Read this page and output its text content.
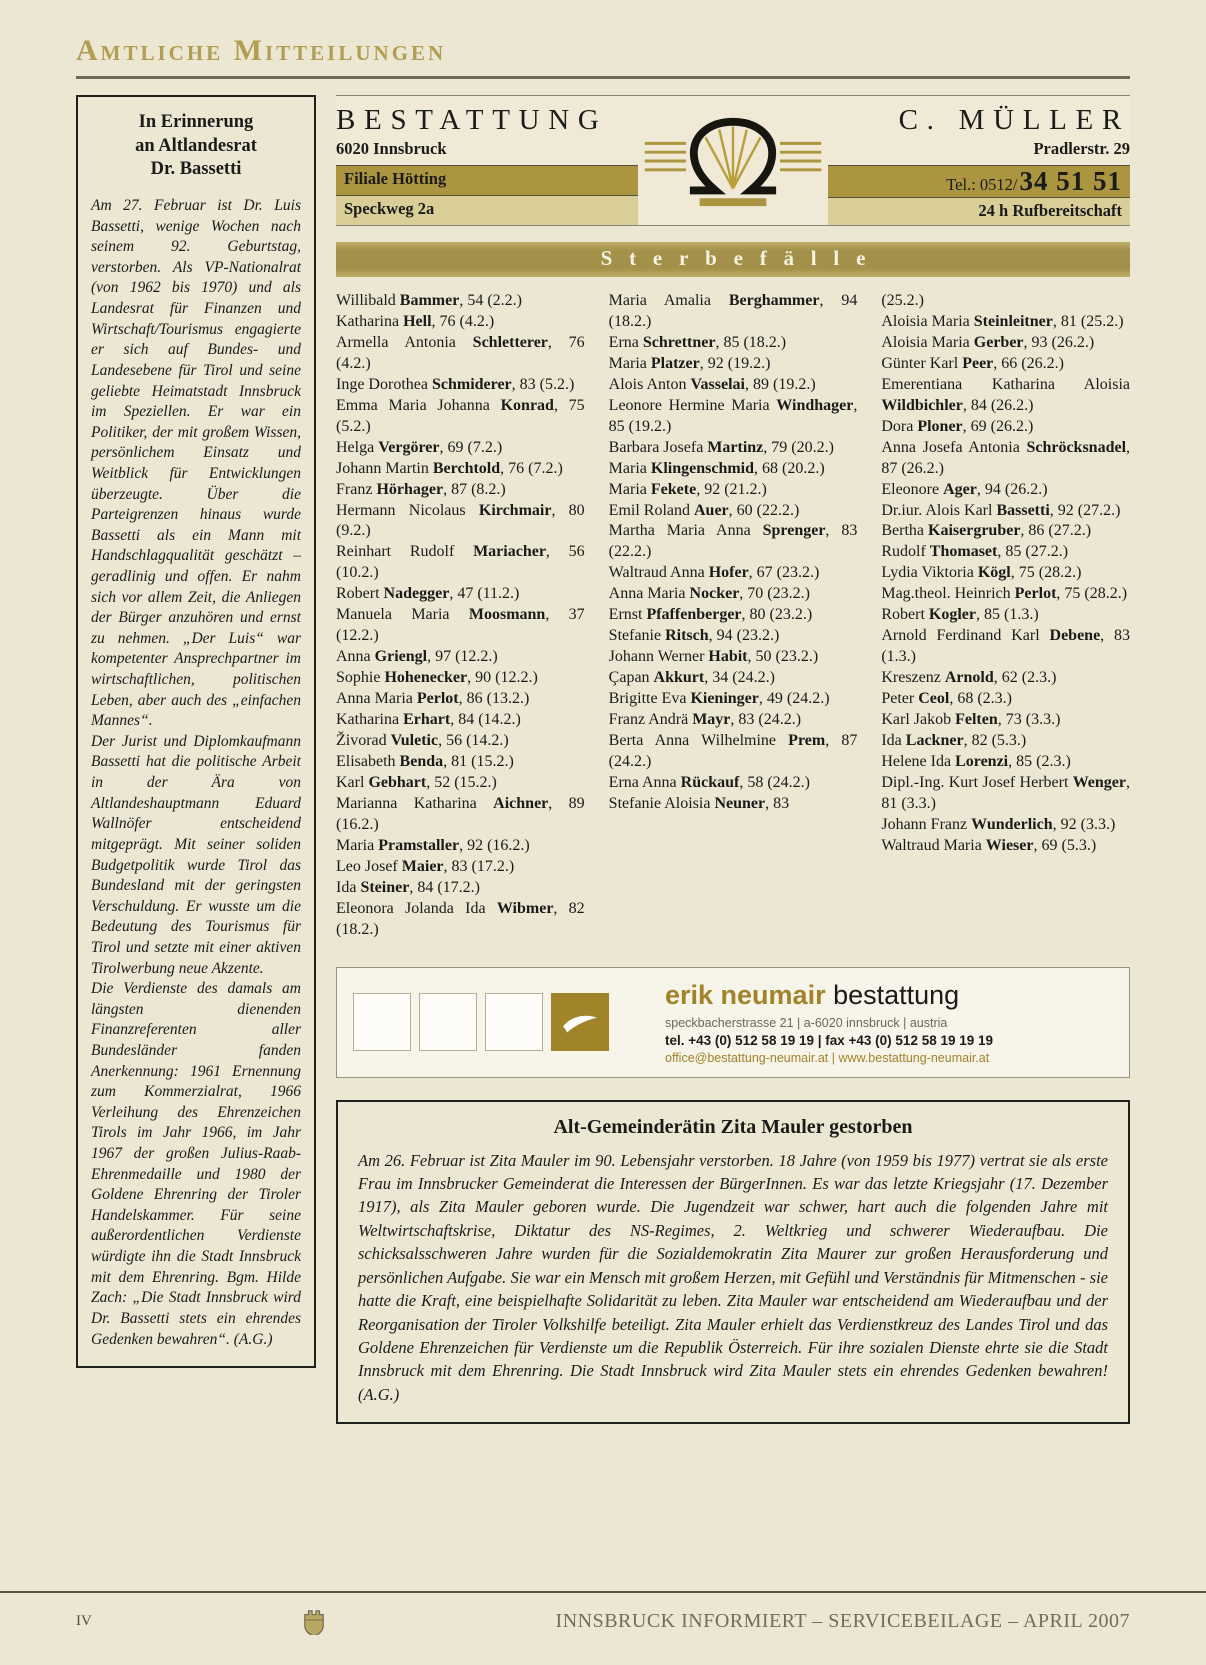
Amtliche Mitteilungen
In Erinnerung
an Altlandesrat
Dr. Bassetti

Am 27. Februar ist Dr. Luis Bassetti, wenige Wochen nach seinem 92. Geburtstag, verstorben. Als VP-Nationalrat (von 1962 bis 1970) und als Landesrat für Finanzen und Wirtschaft/Tourismus engagierte er sich auf Bundes- und Landesebene für Tirol und seine geliebte Heimatstadt Innsbruck im Speziellen. Er war ein Politiker, der mit großem Wissen, persönlichem Einsatz und Weitblick für Entwicklungen überzeugte. Über die Parteigrenzen hinaus wurde Bassetti als ein Mann mit Handschlagqualität geschätzt – geradlinig und offen. Er nahm sich vor allem Zeit, die Anliegen der Bürger anzuhören und ernst zu nehmen. „Der Luis“ war kompetenter Ansprechpartner im wirtschaftlichen, politischen Leben, aber auch des „einfachen Mannes“.

Der Jurist und Diplomkaufmann Bassetti hat die politische Arbeit in der Ära von Altlandeshauptmann Eduard Wallnöfer entscheidend mitgeprägt. Mit seiner soliden Budgetpolitik wurde Tirol das Bundesland mit der geringsten Verschuldung. Er wusste um die Bedeutung des Tourismus für Tirol und setzte mit einer aktiven Tirolwerbung neue Akzente.

Die Verdienste des damals am längsten dienenden Finanzreferenten aller Bundesländer fanden Anerkennung: 1961 Ernennung zum Kommerzialrat, 1966 Verleihung des Ehrenzeichen Tirols im Jahr 1966, im Jahr 1967 der großen Julius-Raab-Ehrenmedaille und 1980 der Goldene Ehrenring der Tiroler Handelskammer. Für seine außerordentlichen Verdienste würdigte ihn die Stadt Innsbruck mit dem Ehrenring. Bgm. Hilde Zach: „Die Stadt Innsbruck wird Dr. Bassetti stets ein ehrendes Gedenken bewahren“. (A.G.)

BESTATTUNG
6020 Innsbruck
Filiale Hötting
Speckweg 2a
C. MÜLLER
Pradlerstr. 29
Tel.: 0512/ 34 51 51
24 h Rufbereitschaft
Sterbefälle

Willibald Bammer, 54 (2.2.)

Katharina Hell, 76 (4.2.)

Armella Antonia Schletterer, 76 (4.2.)

Inge Dorothea Schmiderer, 83 (5.2.)

Emma Maria Johanna Konrad, 75 (5.2.)

Helga Vergörer, 69 (7.2.)

Johann Martin Berchtold, 76 (7.2.)

Franz Hörhager, 87 (8.2.)

Hermann Nicolaus Kirchmair, 80 (9.2.)

Reinhart Rudolf Mariacher, 56 (10.2.)

Robert Nadegger, 47 (11.2.)

Manuela Maria Moosmann, 37 (12.2.)

Anna Griengl, 97 (12.2.)

Sophie Hohenecker, 90 (12.2.)

Anna Maria Perlot, 86 (13.2.)

Katharina Erhart, 84 (14.2.)

Živorad Vuletic, 56 (14.2.)

Elisabeth Benda, 81 (15.2.)

Karl Gebhart, 52 (15.2.)

Marianna Katharina Aichner, 89 (16.2.)

Maria Pramstaller, 92 (16.2.)

Leo Josef Maier, 83 (17.2.)

Ida Steiner, 84 (17.2.)

Eleonora Jolanda Ida Wibmer, 82 (18.2.)

Maria Amalia Berghammer, 94 (18.2.)

Erna Schrettner, 85 (18.2.)

Maria Platzer, 92 (19.2.)

Alois Anton Vasselai, 89 (19.2.)

Leonore Hermine Maria Windhager, 85 (19.2.)

Barbara Josefa Martinz, 79 (20.2.)

Maria Klingenschmid, 68 (20.2.)

Maria Fekete, 92 (21.2.)

Emil Roland Auer, 60 (22.2.)

Martha Maria Anna Sprenger, 83 (22.2.)

Waltraud Anna Hofer, 67 (23.2.)

Anna Maria Nocker, 70 (23.2.)

Ernst Pfaffenberger, 80 (23.2.)

Stefanie Ritsch, 94 (23.2.)

Johann Werner Habit, 50 (23.2.)

Çapan Akkurt, 34 (24.2.)

Brigitte Eva Kieninger, 49 (24.2.)

Franz Andrä Mayr, 83 (24.2.)

Berta Anna Wilhelmine Prem, 87 (24.2.)

Erna Anna Rückauf, 58 (24.2.)

Stefanie Aloisia Neuner, 83

(25.2.)

Aloisia Maria Steinleitner, 81 (25.2.)

Aloisia Maria Gerber, 93 (26.2.)

Günter Karl Peer, 66 (26.2.)

Emerentiana Katharina Aloisia Wildbichler, 84 (26.2.)

Dora Ploner, 69 (26.2.)

Anna Josefa Antonia Schröcksnadel, 87 (26.2.)

Eleonore Ager, 94 (26.2.)

Dr.iur. Alois Karl Bassetti, 92 (27.2.)

Bertha Kaisergruber, 86 (27.2.)

Rudolf Thomaset, 85 (27.2.)

Lydia Viktoria Kögl, 75 (28.2.)

Mag.theol. Heinrich Perlot, 75 (28.2.)

Robert Kogler, 85 (1.3.)

Arnold Ferdinand Karl Debene, 83 (1.3.)

Kreszenz Arnold, 62 (2.3.)

Peter Ceol, 68 (2.3.)

Karl Jakob Felten, 73 (3.3.)

Ida Lackner, 82 (5.3.)

Helene Ida Lorenzi, 85 (2.3.)

Dipl.-Ing. Kurt Josef Herbert Wenger, 81 (3.3.)

Johann Franz Wunderlich, 92 (3.3.)

Waltraud Maria Wieser, 69 (5.3.)

erik neumair bestattung
speckbacherstrasse 21 | a-6020 innsbruck | austria
tel. +43 (0) 512 58 19 19 | fax +43 (0) 512 58 19 19 19
office@bestattung-neumair.at | www.bestattung-neumair.at
Alt-Gemeinderätin Zita Mauler gestorben

Am 26. Februar ist Zita Mauler im 90. Lebensjahr verstorben. 18 Jahre (von 1959 bis 1977) vertrat sie als erste Frau im Innsbrucker Gemeinderat die Interessen der BürgerInnen. Es war das letzte Kriegsjahr (17. Dezember 1917), als Zita Mauler geboren wurde. Die Jugendzeit war schwer, hart auch die folgenden Jahre mit Weltwirtschaftskrise, Diktatur des NS-Regimes, 2. Weltkrieg und schwerer Wiederaufbau. Die schicksalsschweren Jahre wurden für die Sozialdemokratin Zita Maurer zur großen Herausforderung und persönlichen Aufgabe. Sie war ein Mensch mit großem Herzen, mit Gefühl und Verständnis für Mitmenschen - sie hatte die Kraft, eine beispielhafte Solidarität zu leben. Zita Mauler war entscheidend am Wiederaufbau und der Reorganisation der Tiroler Volkshilfe beteiligt. Zita Mauler erhielt das Verdienstkreuz des Landes Tirol und das Goldene Ehrenzeichen für Verdienste um die Republik Österreich. Für ihre sozialen Dienste ehrte sie die Stadt Innsbruck mit dem Ehrenring. Die Stadt Innsbruck wird Zita Mauler stets ein ehrendes Gedenken bewahren! (A.G.)

IV	INNSBRUCK INFORMIERT – SERVICEBEILAGE – APRIL 2007
